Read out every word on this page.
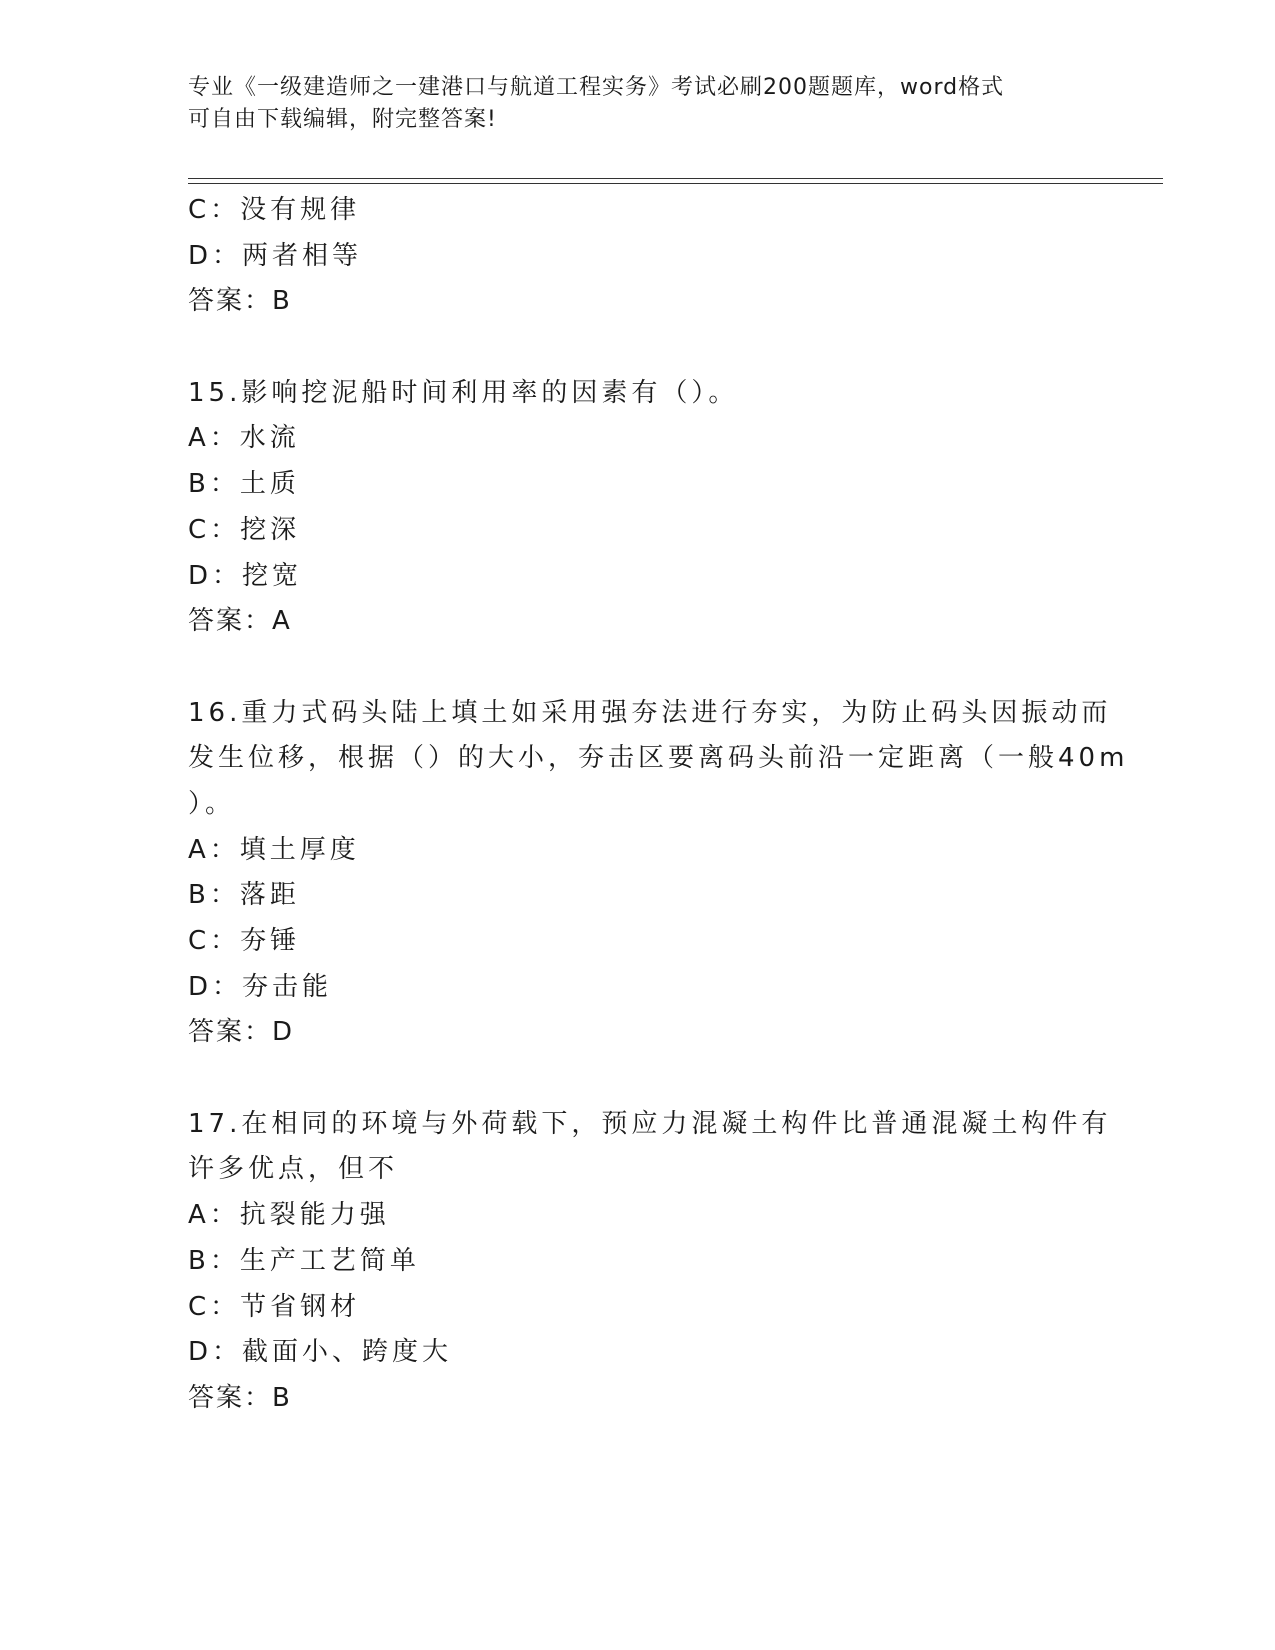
专业《一级建造师之一建港口与航道工程实务》考试必刷200题题库，word格式
可自由下载编辑，附完整答案!
C：没有规律
D：两者相等
答案：B
15.影响挖泥船时间利用率的因素有（）。
A：水流
B：土质
C：挖深
D：挖宽
答案：A
16.重力式码头陆上填土如采用强夯法进行夯实，为防止码头因振动而
发生位移，根据（）的大小，夯击区要离码头前沿一定距离（一般40m
）。
A：填土厚度
B：落距
C：夯锤
D：夯击能
答案：D
17.在相同的环境与外荷载下，预应力混凝土构件比普通混凝土构件有
许多优点，但不
A：抗裂能力强
B：生产工艺简单
C：节省钢材
D：截面小、跨度大
答案：B
